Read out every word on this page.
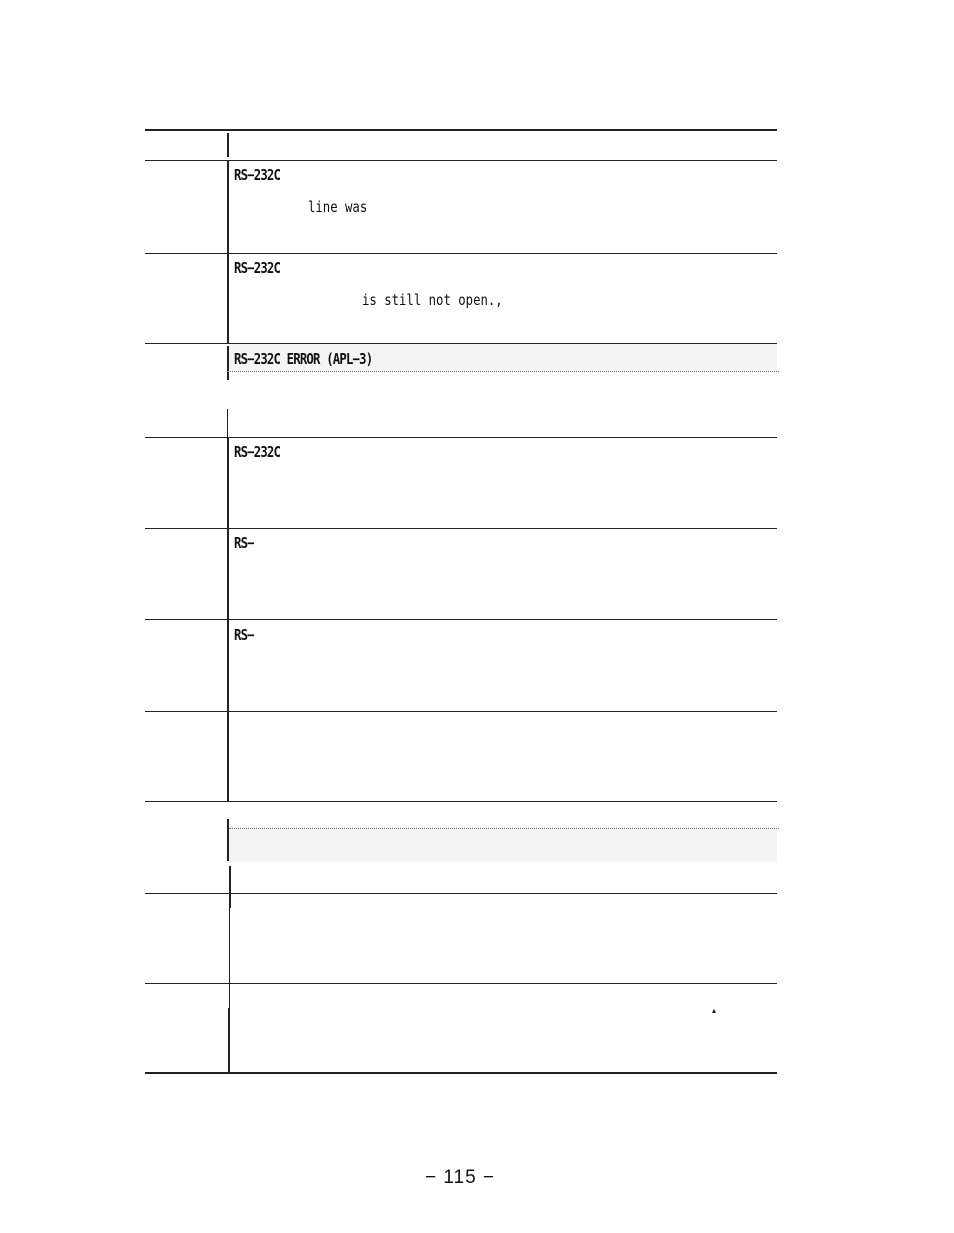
RS−232C
line was
RS−232C
is still not open.,
RS−232C ERROR (APL−3)
RS−232C
RS−
RS−
▴
− 115 −
